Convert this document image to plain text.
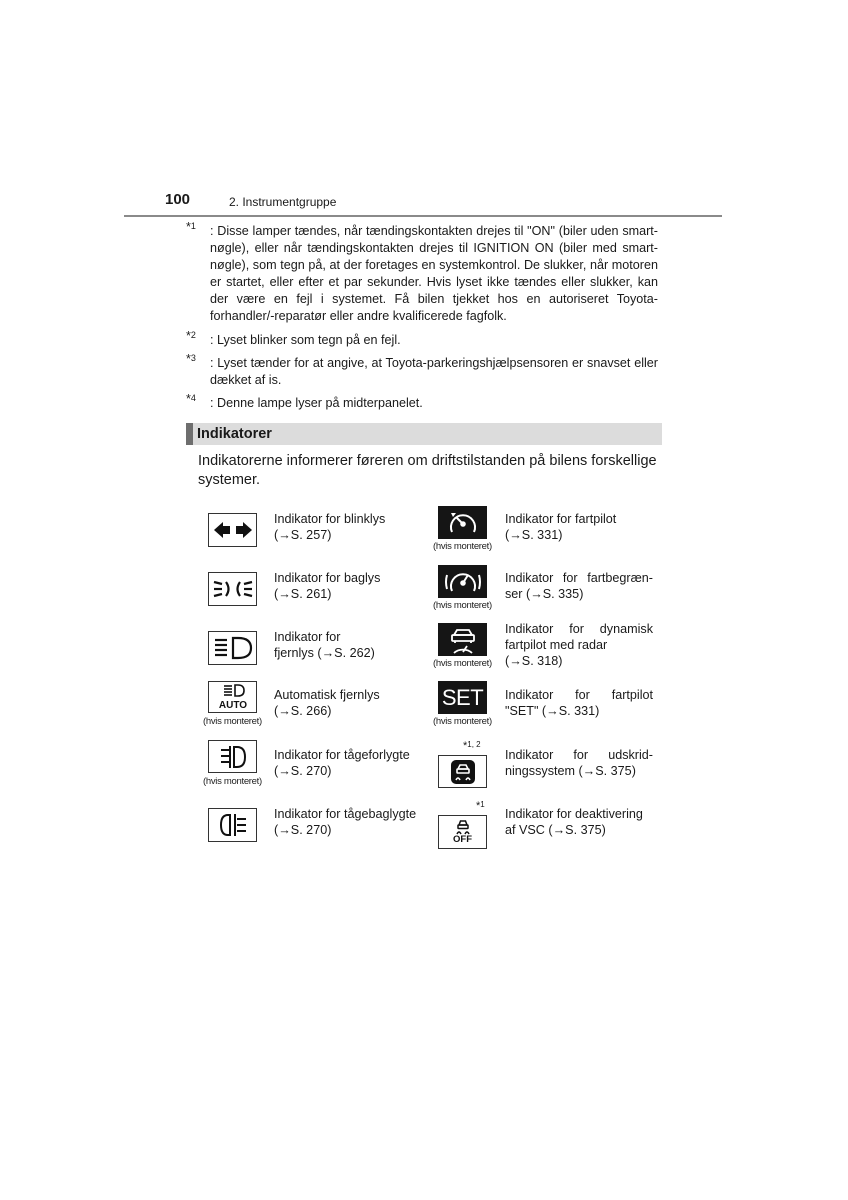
100	2. Instrumentgruppe
*$^1$ : Disse lamper tændes, når tændingskontakten drejes til "ON" (biler uden smart-nøgle), eller når tændingskontakten drejes til IGNITION ON (biler med smart-nøgle), som tegn på, at der foretages en systemkontrol. De slukker, når motoren er startet, eller efter et par sekunder. Hvis lyset ikke tændes eller slukker, kan der være en fejl i systemet. Få bilen tjekket hos en autoriseret Toyota-forhandler/-reparatør eller andre kvalificerede fagfolk.
*$^2$ : Lyset blinker som tegn på en fejl.
*$^3$ : Lyset tænder for at angive, at Toyota-parkeringshjælpsensoren er snavset eller dækket af is.
*$^4$ : Denne lampe lyser på midterpanelet.
Indikatorer
Indikatorerne informerer føreren om driftstilstanden på bilens forskellige systemer.
Indikator for blinklys
(→S. 257)
Indikator for baglys
(→S. 261)
Indikator for
fjernlys (→S. 262)
AUTO
(hvis monteret)
Automatisk fjernlys
(→S. 266)
(hvis monteret)
Indikator for tågeforlygte
(→S. 270)
Indikator for tågebaglygte
(→S. 270)
(hvis monteret)
Indikator for fartpilot
(→S. 331)
(hvis monteret)
Indikator for fartbegræn-
ser (→S. 335)
(hvis monteret)
Indikator for dynamisk
fartpilot med radar
(→S. 318)
SET
(hvis monteret)
Indikator for fartpilot
"SET" (→S. 331)
*$^{1, 2}$
Indikator for udskrid-
ningssystem (→S. 375)
*$^1$
OFF
Indikator for deaktivering
af VSC (→S. 375)
